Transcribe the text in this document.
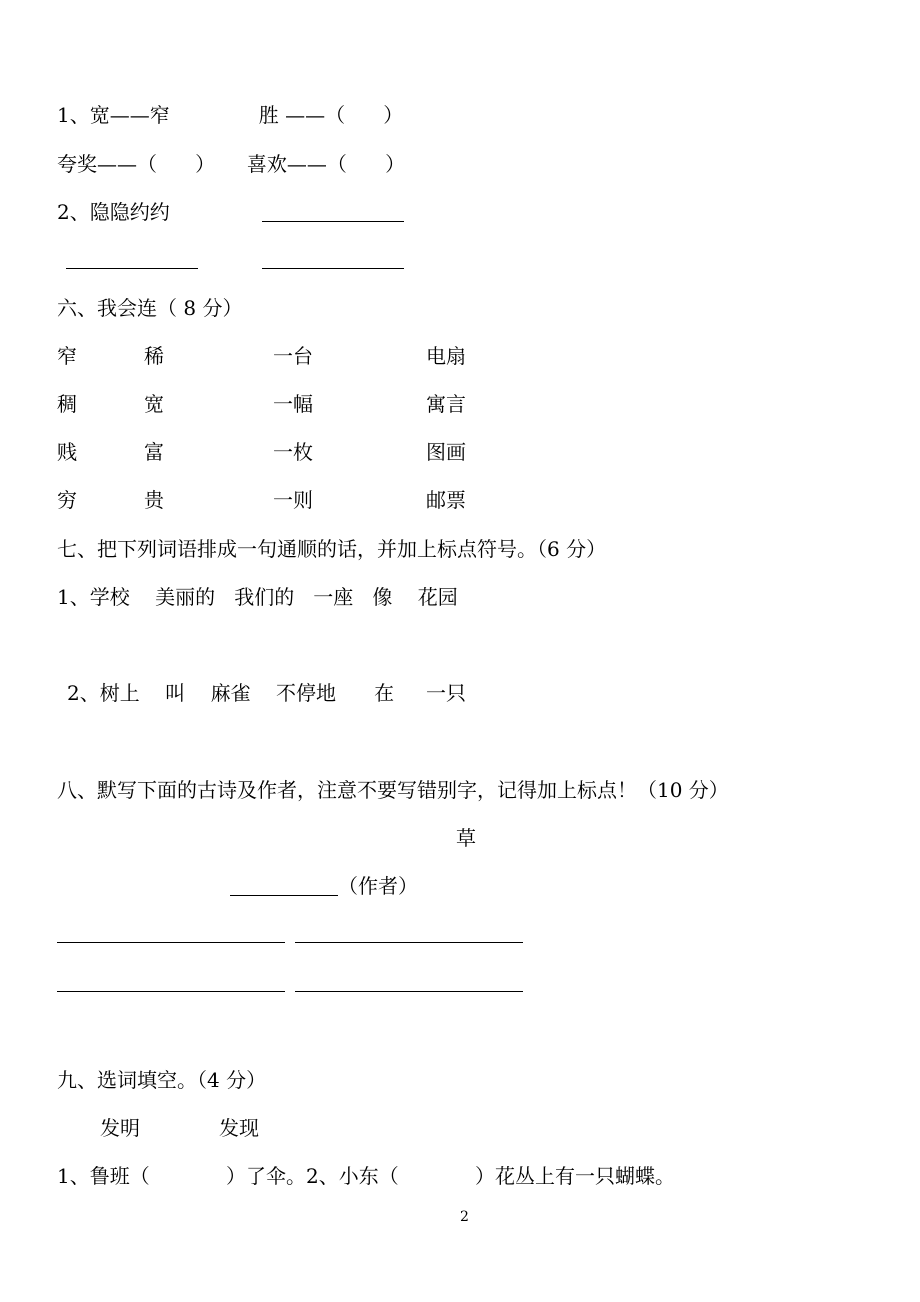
1、宽——窄              胜 ——（      ）
夸奖——（      ）     喜欢——（      ）
2、隐隐约约
六、我会连（ 8 分）
窄	稀	一台	电扇
稠	宽	一幅	寓言
贱	富	一枚	图画
穷	贵	一则	邮票
七、把下列词语排成一句通顺的话，并加上标点符号。（6 分）
1、学校    美丽的   我们的   一座   像    花园
2、树上    叫    麻雀    不停地      在     一只
八、默写下面的古诗及作者，注意不要写错别字，记得加上标点！（10 分）
草
（作者）
九、选词填空。（4 分）
发明	发现
1、鲁班（            ）了伞。2、小东（            ）花丛上有一只蝴蝶。
2
